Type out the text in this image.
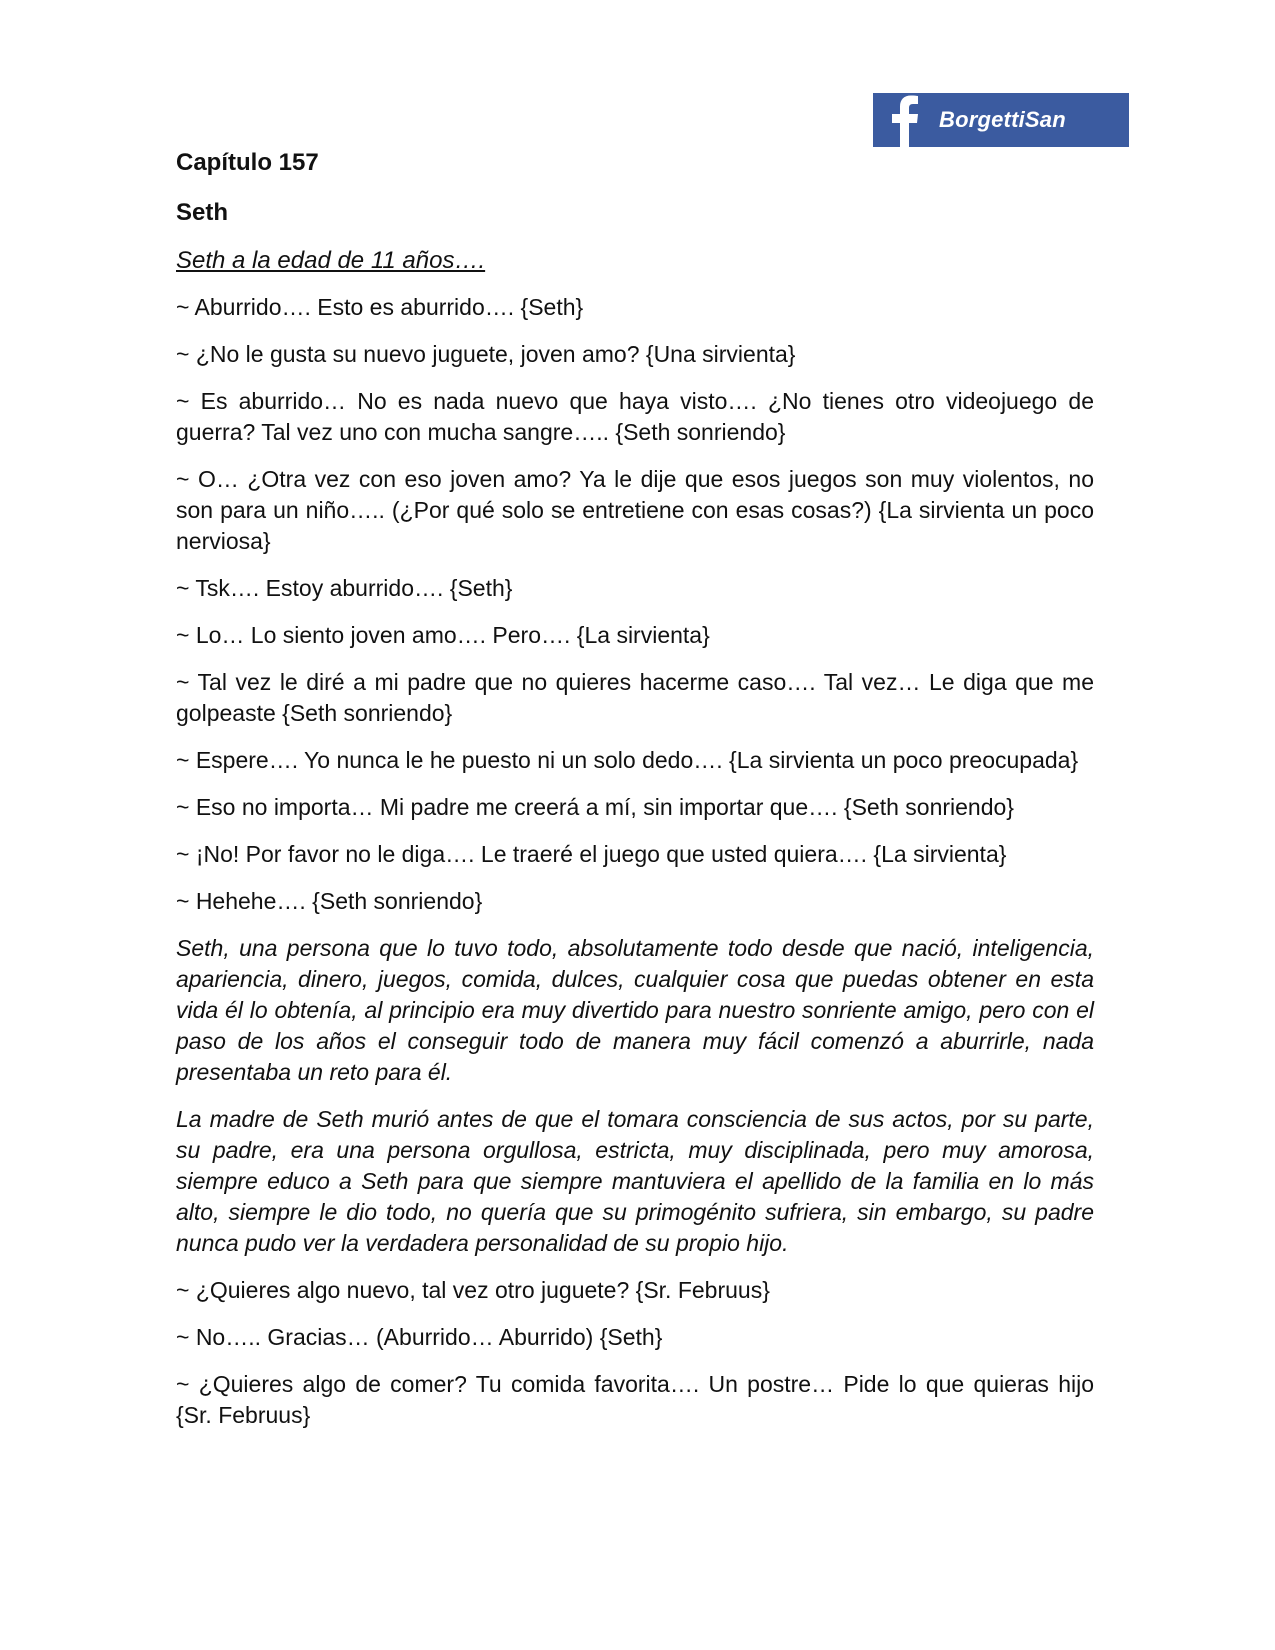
BorgettiSan
Capítulo 157
Seth
Seth a la edad de 11 años….
~ Aburrido…. Esto es aburrido…. {Seth}
~ ¿No le gusta su nuevo juguete, joven amo? {Una sirvienta}
~ Es aburrido… No es nada nuevo que haya visto…. ¿No tienes otro videojuego de guerra? Tal vez uno con mucha sangre….. {Seth sonriendo}
~ O… ¿Otra vez con eso joven amo? Ya le dije que esos juegos son muy violentos, no son para un niño….. (¿Por qué solo se entretiene con esas cosas?) {La sirvienta un poco nerviosa}
~ Tsk…. Estoy aburrido…. {Seth}
~ Lo… Lo siento joven amo…. Pero…. {La sirvienta}
~ Tal vez le diré a mi padre que no quieres hacerme caso…. Tal vez… Le diga que me golpeaste {Seth sonriendo}
~ Espere…. Yo nunca le he puesto ni un solo dedo…. {La sirvienta un poco preocupada}
~ Eso no importa… Mi padre me creerá a mí, sin importar que…. {Seth sonriendo}
~ ¡No! Por favor no le diga…. Le traeré el juego que usted quiera…. {La sirvienta}
~ Hehehe…. {Seth sonriendo}
Seth, una persona que lo tuvo todo, absolutamente todo desde que nació, inteligencia, apariencia, dinero, juegos, comida, dulces, cualquier cosa que puedas obtener en esta vida él lo obtenía, al principio era muy divertido para nuestro sonriente amigo, pero con el paso de los años el conseguir todo de manera muy fácil comenzó a aburrirle, nada presentaba un reto para él.
La madre de Seth murió antes de que el tomara consciencia de sus actos, por su parte, su padre, era una persona orgullosa, estricta, muy disciplinada, pero muy amorosa, siempre educo a Seth para que siempre mantuviera el apellido de la familia en lo más alto, siempre le dio todo, no quería que su primogénito sufriera, sin embargo, su padre nunca pudo ver la verdadera personalidad de su propio hijo.
~ ¿Quieres algo nuevo, tal vez otro juguete? {Sr. Februus}
~ No….. Gracias… (Aburrido… Aburrido) {Seth}
~ ¿Quieres algo de comer? Tu comida favorita…. Un postre… Pide lo que quieras hijo {Sr. Februus}
